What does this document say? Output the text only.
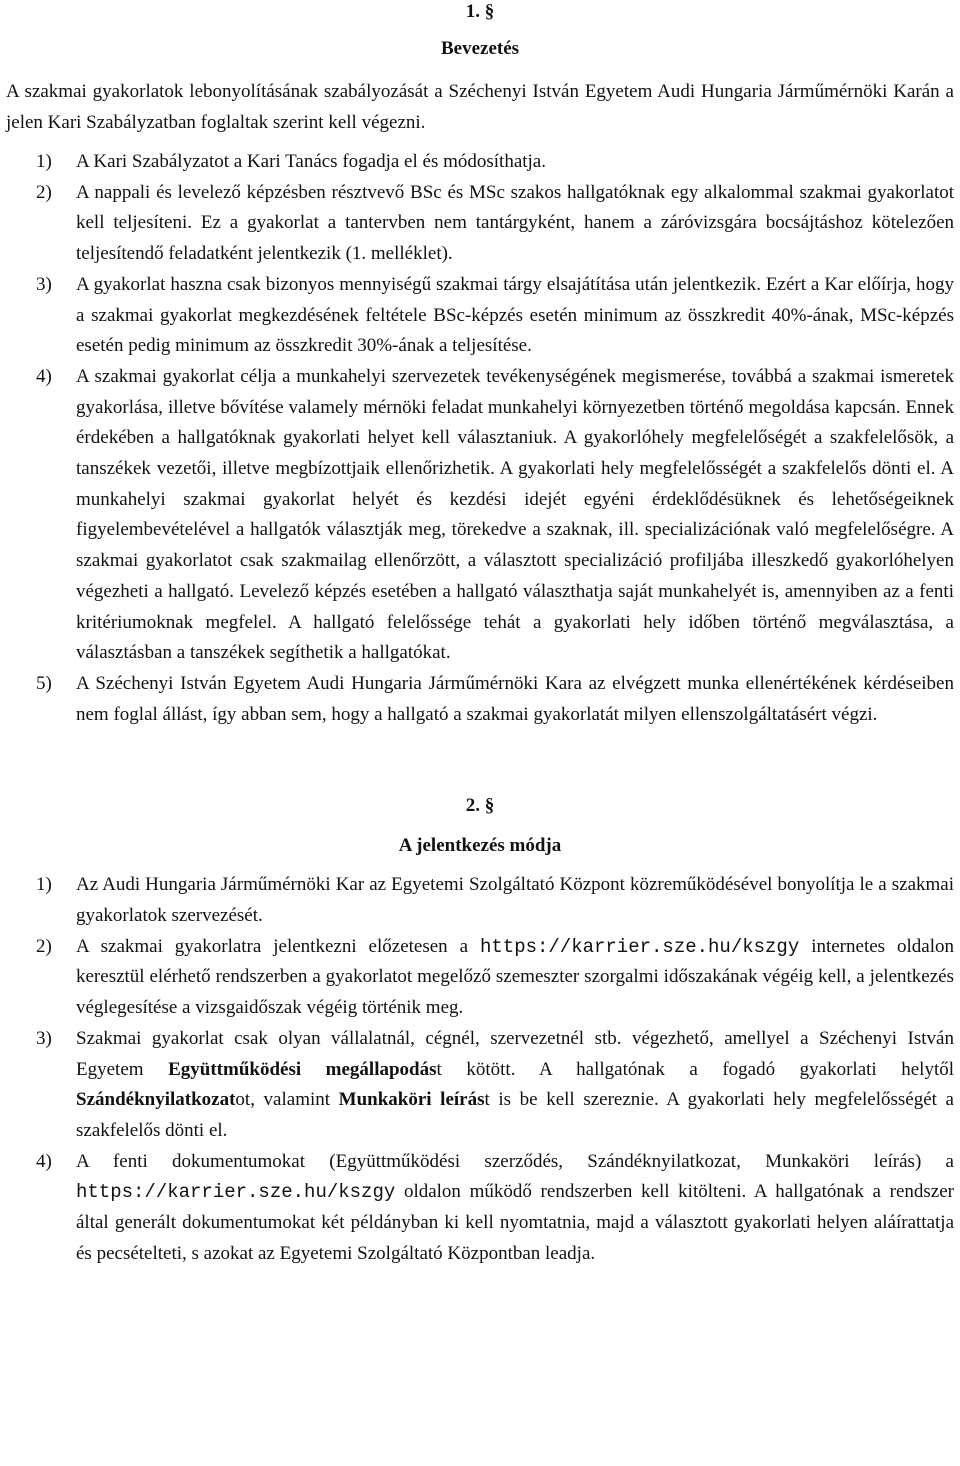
1. §

Bevezetés

A szakmai gyakorlatok lebonyolításának szabályozását a Széchenyi István Egyetem Audi Hungaria Járműmérnöki Karán a jelen Kari Szabályzatban foglaltak szerint kell végezni.

1) A Kari Szabályzatot a Kari Tanács fogadja el és módosíthatja.
2) A nappali és levelező képzésben résztvevő BSc és MSc szakos hallgatóknak egy alkalommal szakmai gyakorlatot kell teljesíteni. Ez a gyakorlat a tantervben nem tantárgyként, hanem a záróvizsgára bocsájtáshoz kötelezően teljesítendő feladatként jelentkezik (1. melléklet).
3) A gyakorlat haszna csak bizonyos mennyiségű szakmai tárgy elsajátítása után jelentkezik. Ezért a Kar előírja, hogy a szakmai gyakorlat megkezdésének feltétele BSc-képzés esetén minimum az összkredit 40%-ának, MSc-képzés esetén pedig minimum az összkredit 30%-ának a teljesítése.
4) A szakmai gyakorlat célja a munkahelyi szervezetek tevékenységének megismerése, továbbá a szakmai ismeretek gyakorlása, illetve bővítése valamely mérnöki feladat munkahelyi környezetben történő megoldása kapcsán. Ennek érdekében a hallgatóknak gyakorlati helyet kell választaniuk. A gyakorlóhely megfelelőségét a szakfelelősök, a tanszékek vezetői, illetve megbízottjaik ellenőrizhetik. A gyakorlati hely megfelelősségét a szakfelelős dönti el. A munkahelyi szakmai gyakorlat helyét és kezdési idejét egyéni érdeklődésüknek és lehetőségeiknek figyelembevételével a hallgatók választják meg, törekedve a szaknak, ill. specializációnak való megfelelőségre. A szakmai gyakorlatot csak szakmailag ellenőrzött, a választott specializáció profiljába illeszkedő gyakorlóhelyen végezheti a hallgató. Levelező képzés esetében a hallgató választhatja saját munkahelyét is, amennyiben az a fenti kritériumoknak megfelel. A hallgató felelőssége tehát a gyakorlati hely időben történő megválasztása, a választásban a tanszékek segíthetik a hallgatókat.
5) A Széchenyi István Egyetem Audi Hungaria Járműmérnöki Kara az elvégzett munka ellenértékének kérdéseiben nem foglal állást, így abban sem, hogy a hallgató a szakmai gyakorlatát milyen ellenszolgáltatásért végzi.

2. §

A jelentkezés módja

1) Az Audi Hungaria Járműmérnöki Kar az Egyetemi Szolgáltató Központ közreműködésével bonyolítja le a szakmai gyakorlatok szervezését.
2) A szakmai gyakorlatra jelentkezni előzetesen a https://karrier.sze.hu/kszgy internetes oldalon keresztül elérhető rendszerben a gyakorlatot megelőző szemeszter szorgalmi időszakának végéig kell, a jelentkezés véglegesítése a vizsgaidőszak végéig történik meg.
3) Szakmai gyakorlat csak olyan vállalatnál, cégnél, szervezetnél stb. végezhető, amellyel a Széchenyi István Egyetem Együttműködési megállapodást kötött. A hallgatónak a fogadó gyakorlati helytől Szándéknyilatkozatot, valamint Munkaköri leírást is be kell szereznie. A gyakorlati hely megfelelősségét a szakfelelős dönti el.
4) A fenti dokumentumokat (Együttműködési szerződés, Szándéknyilatkozat, Munkaköri leírás) a https://karrier.sze.hu/kszgy oldalon működő rendszerben kell kitölteni. A hallgatónak a rendszer által generált dokumentumokat két példányban ki kell nyomtatnia, majd a választott gyakorlati helyen aláírattatja és pecsételteti, s azokat az Egyetemi Szolgáltató Központban leadja.
